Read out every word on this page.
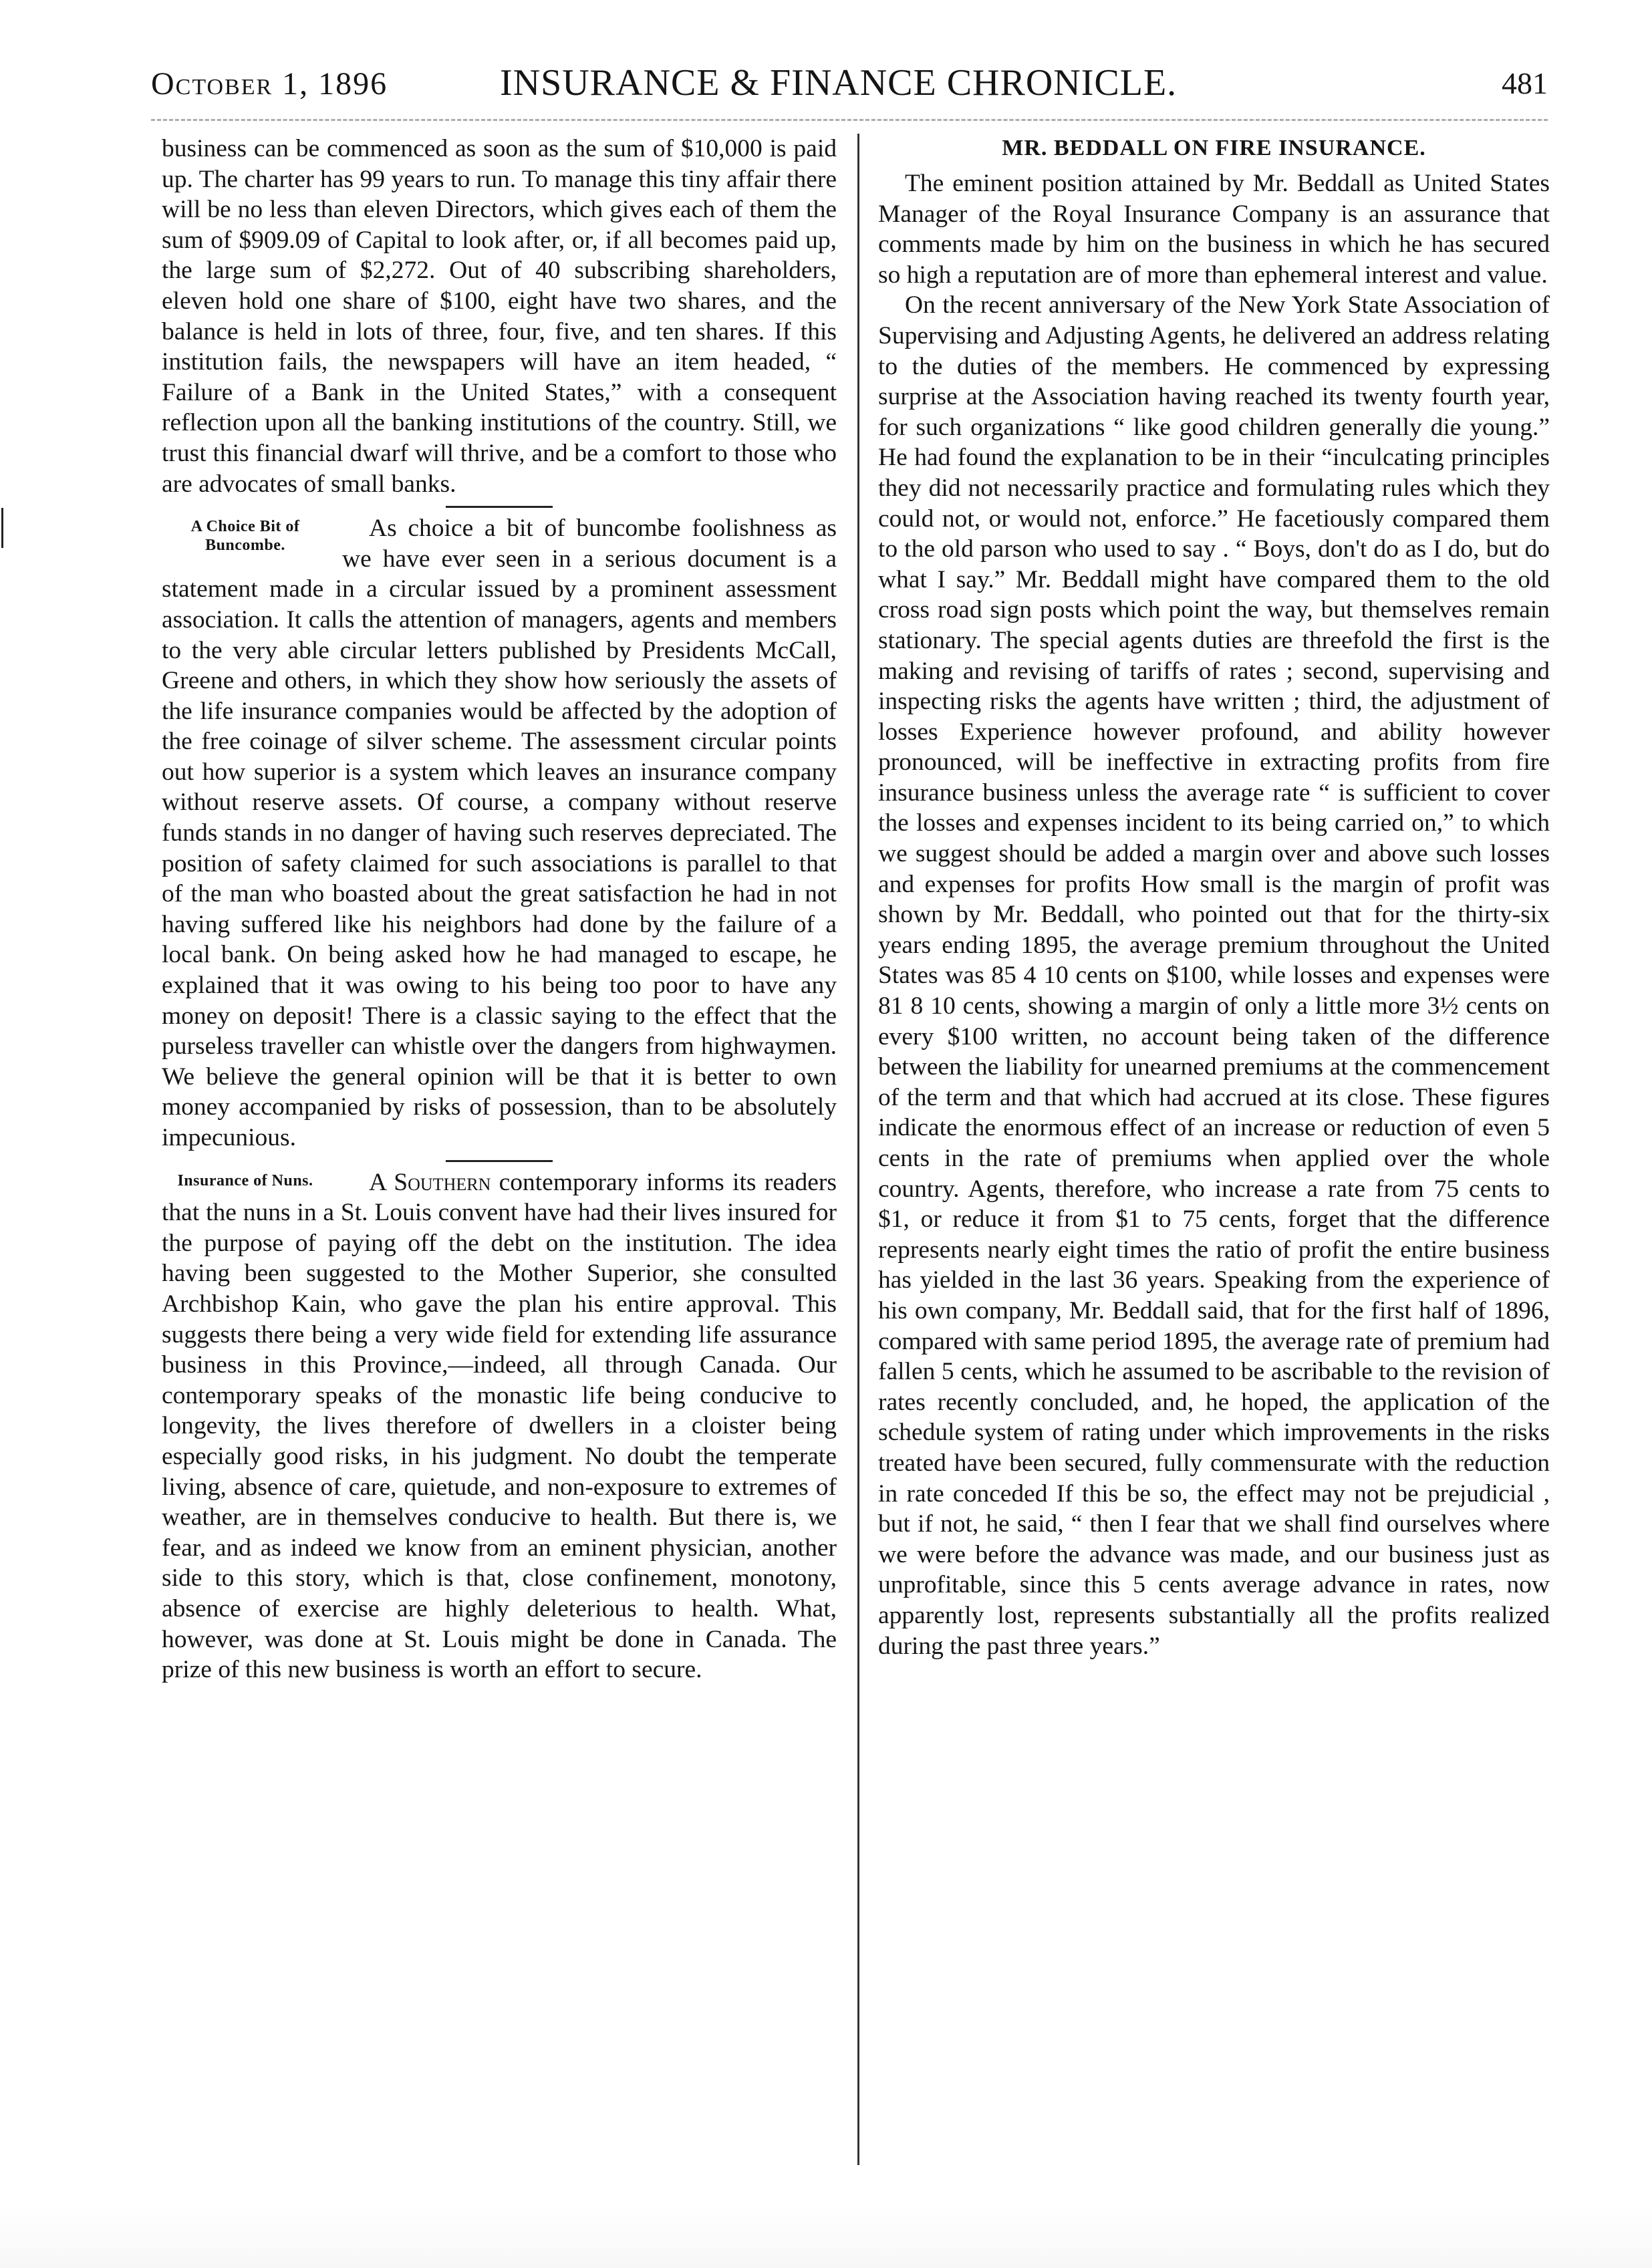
October 1, 1896	INSURANCE & FINANCE CHRONICLE.	481

business can be commenced as soon as the sum of $10,000 is paid up. The charter has 99 years to run. To manage this tiny affair there will be no less than eleven Directors, which gives each of them the sum of $909.09 of Capital to look after, or, if all becomes paid up, the large sum of $2,272. Out of 40 subscribing shareholders, eleven hold one share of $100, eight have two shares, and the balance is held in lots of three, four, five, and ten shares. If this institution fails, the newspapers will have an item headed, “ Failure of a Bank in the United States,” with a consequent reflection upon all the banking institutions of the country. Still, we trust this financial dwarf will thrive, and be a comfort to those who are advocates of small banks.

A Choice Bit of Buncombe.

As choice a bit of buncombe foolishness as we have ever seen in a serious document is a statement made in a circular issued by a prominent assessment association. It calls the attention of managers, agents and members to the very able circular letters published by Presidents McCall, Greene and others, in which they show how seriously the assets of the life insurance companies would be affected by the adoption of the free coinage of silver scheme. The assessment circular points out how superior is a system which leaves an insurance company without reserve assets. Of course, a company without reserve funds stands in no danger of having such reserves depreciated. The position of safety claimed for such associations is parallel to that of the man who boasted about the great satisfaction he had in not having suffered like his neighbors had done by the failure of a local bank. On being asked how he had managed to escape, he explained that it was owing to his being too poor to have any money on deposit! There is a classic saying to the effect that the purseless traveller can whistle over the dangers from highwaymen. We believe the general opinion will be that it is better to own money accompanied by risks of possession, than to be absolutely impecunious.

Insurance of Nuns.	A Southern contemporary informs its readers that the nuns in a St. Louis convent have had their lives insured for the purpose of paying off the debt on the institution. The idea having been suggested to the Mother Superior, she consulted Archbishop Kain, who gave the plan his entire approval. This suggests there being a very wide field for extending life assurance business in this Province,—indeed, all through Canada. Our contemporary speaks of the monastic life being conducive to longevity, the lives therefore of dwellers in a cloister being especially good risks, in his judgment. No doubt the temperate living, absence of care, quietude, and non-exposure to extremes of weather, are in themselves conducive to health. But there is, we fear, and as indeed we know from an eminent physician, another side to this story, which is that, close confinement, monotony, absence of exercise are highly deleterious to health. What, however, was done at St. Louis might be done in Canada. The prize of this new business is worth an effort to secure.

MR. BEDDALL ON FIRE INSURANCE.

The eminent position attained by Mr. Beddall as United States Manager of the Royal Insurance Company is an assurance that comments made by him on the business in which he has secured so high a reputation are of more than ephemeral interest and value.

On the recent anniversary of the New York State Association of Supervising and Adjusting Agents, he delivered an address relating to the duties of the members. He commenced by expressing surprise at the Association having reached its twenty fourth year, for such organizations “ like good children generally die young.” He had found the explanation to be in their “inculcating principles they did not necessarily practice and formulating rules which they could not, or would not, enforce.” He facetiously compared them to the old parson who used to say . “ Boys, don't do as I do, but do what I say.” Mr. Beddall might have compared them to the old cross road sign posts which point the way, but themselves remain stationary. The special agents duties are threefold the first is the making and revising of tariffs of rates ; second, supervising and inspecting risks the agents have written ; third, the adjustment of losses Experience however profound, and ability however pronounced, will be ineffective in extracting profits from fire insurance business unless the average rate “ is sufficient to cover the losses and expenses incident to its being carried on,” to which we suggest should be added a margin over and above such losses and expenses for profits How small is the margin of profit was shown by Mr. Beddall, who pointed out that for the thirty-six years ending 1895, the average premium throughout the United States was 85 4 10 cents on $100, while losses and expenses were 81 8 10 cents, showing a margin of only a little more 3½ cents on every $100 written, no account being taken of the difference between the liability for unearned premiums at the commencement of the term and that which had accrued at its close. These figures indicate the enormous effect of an increase or reduction of even 5 cents in the rate of premiums when applied over the whole country. Agents, therefore, who increase a rate from 75 cents to $1, or reduce it from $1 to 75 cents, forget that the difference represents nearly eight times the ratio of profit the entire business has yielded in the last 36 years. Speaking from the experience of his own company, Mr. Beddall said, that for the first half of 1896, compared with same period 1895, the average rate of premium had fallen 5 cents, which he assumed to be ascribable to the revision of rates recently concluded, and, he hoped, the application of the schedule system of rating under which improvements in the risks treated have been secured, fully commensurate with the reduction in rate conceded If this be so, the effect may not be prejudicial , but if not, he said, “ then I fear that we shall find ourselves where we were before the advance was made, and our business just as unprofitable, since this 5 cents average advance in rates, now apparently lost, represents substantially all the profits realized during the past three years.”
